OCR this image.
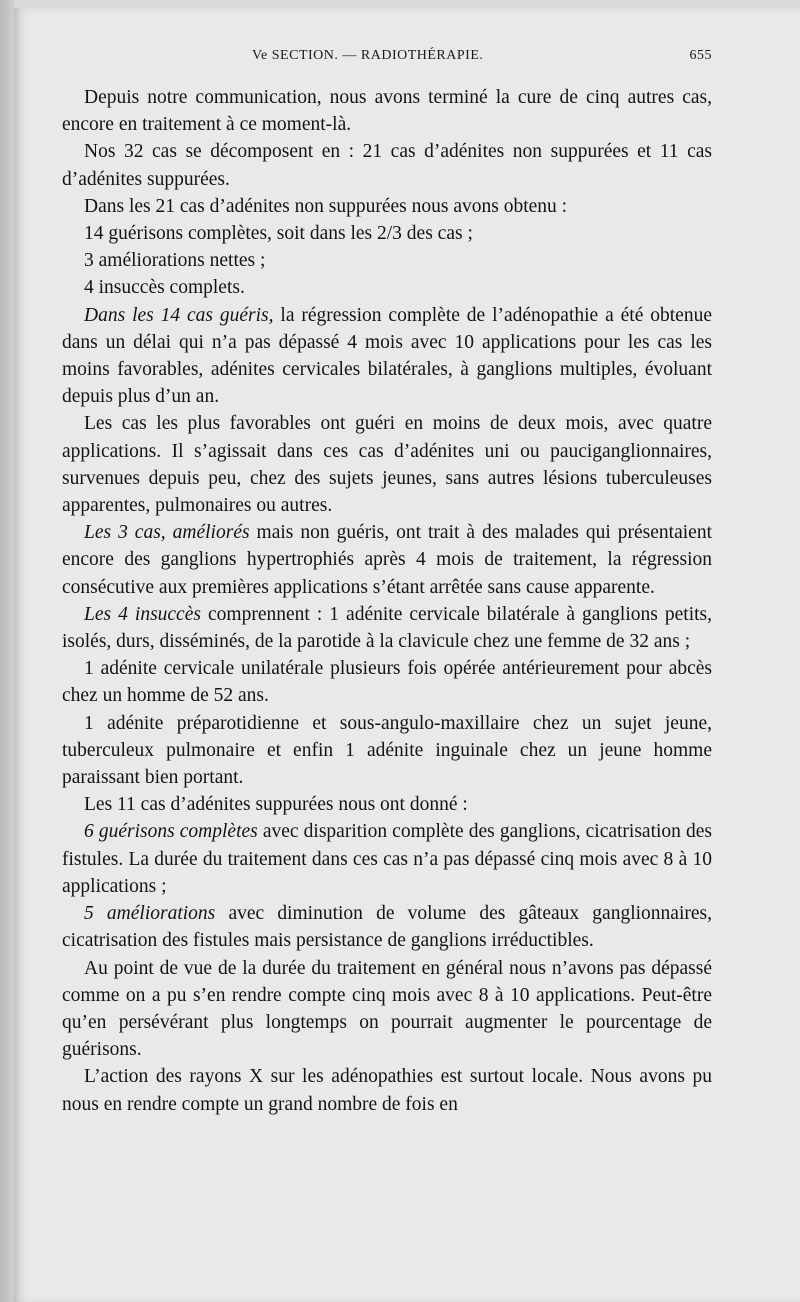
Ve SECTION. — RADIOTHÉRAPIE.	655

Depuis notre communication, nous avons terminé la cure de cinq autres cas, encore en traitement à ce moment-là.

Nos 32 cas se décomposent en : 21 cas d’adénites non suppurées et 11 cas d’adénites suppurées.

Dans les 21 cas d’adénites non suppurées nous avons obtenu :

14 guérisons complètes, soit dans les 2/3 des cas ;

3 améliorations nettes ;

4 insuccès complets.

Dans les 14 cas guéris, la régression complète de l’adénopathie a été obtenue dans un délai qui n’a pas dépassé 4 mois avec 10 applications pour les cas les moins favorables, adénites cervicales bilatérales, à ganglions multiples, évoluant depuis plus d’un an.

Les cas les plus favorables ont guéri en moins de deux mois, avec quatre applications. Il s’agissait dans ces cas d’adénites uni ou pauciganglionnaires, survenues depuis peu, chez des sujets jeunes, sans autres lésions tuberculeuses apparentes, pulmonaires ou autres.

Les 3 cas, améliorés mais non guéris, ont trait à des malades qui présentaient encore des ganglions hypertrophiés après 4 mois de traitement, la régression consécutive aux premières applications s’étant arrêtée sans cause apparente.

Les 4 insuccès comprennent : 1 adénite cervicale bilatérale à ganglions petits, isolés, durs, disséminés, de la parotide à la clavicule chez une femme de 32 ans ;

1 adénite cervicale unilatérale plusieurs fois opérée antérieurement pour abcès chez un homme de 52 ans.

1 adénite préparotidienne et sous-angulo-maxillaire chez un sujet jeune, tuberculeux pulmonaire et enfin 1 adénite inguinale chez un jeune homme paraissant bien portant.

Les 11 cas d’adénites suppurées nous ont donné :

6 guérisons complètes avec disparition complète des ganglions, cicatrisation des fistules. La durée du traitement dans ces cas n’a pas dépassé cinq mois avec 8 à 10 applications ;

5 améliorations avec diminution de volume des gâteaux ganglionnaires, cicatrisation des fistules mais persistance de ganglions irréductibles.

Au point de vue de la durée du traitement en général nous n’avons pas dépassé comme on a pu s’en rendre compte cinq mois avec 8 à 10 applications. Peut-être qu’en persévérant plus longtemps on pourrait augmenter le pourcentage de guérisons.

L’action des rayons X sur les adénopathies est surtout locale. Nous avons pu nous en rendre compte un grand nombre de fois en
